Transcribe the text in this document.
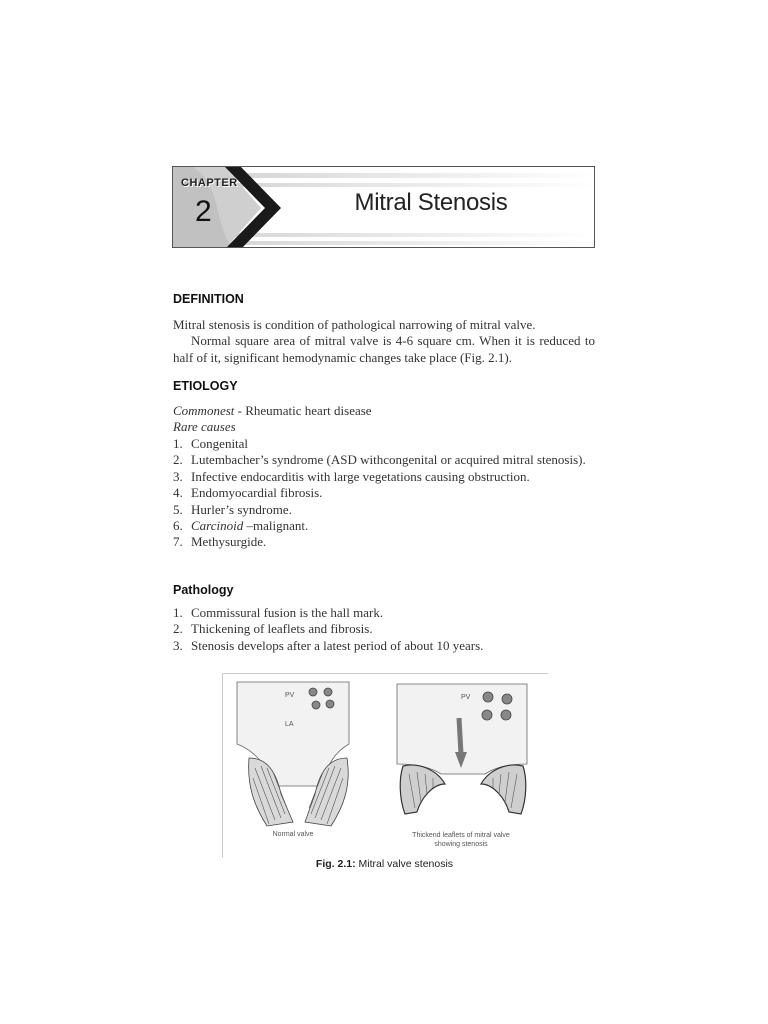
CHAPTER
2	Mitral Stenosis
DEFINITION

Mitral stenosis is condition of pathological narrowing of mitral valve.

Normal square area of mitral valve is 4-6 square cm. When it is reduced to half of it, significant hemodynamic changes take place (Fig. 2.1).

ETIOLOGY

Commonest - Rheumatic heart disease

Rare causes

1. Congenital
2. Lutembacher’s syndrome (ASD withcongenital or acquired mitral stenosis).
3. Infective endocarditis with large vegetations causing obstruction.
4. Endomyocardial fibrosis.
5. Hurler’s syndrome.
6. Carcinoid –malignant.
7. Methysurgide.
Pathology
1. Commissural fusion is the hall mark.
2. Thickening of leaflets and fibrosis.
3. Stenosis develops after a latest period of about 10 years.
PV
LA
Normal valve
PV
Thickend leaflets of mitral valve
showing stenosis
Fig. 2.1: Mitral valve stenosis
